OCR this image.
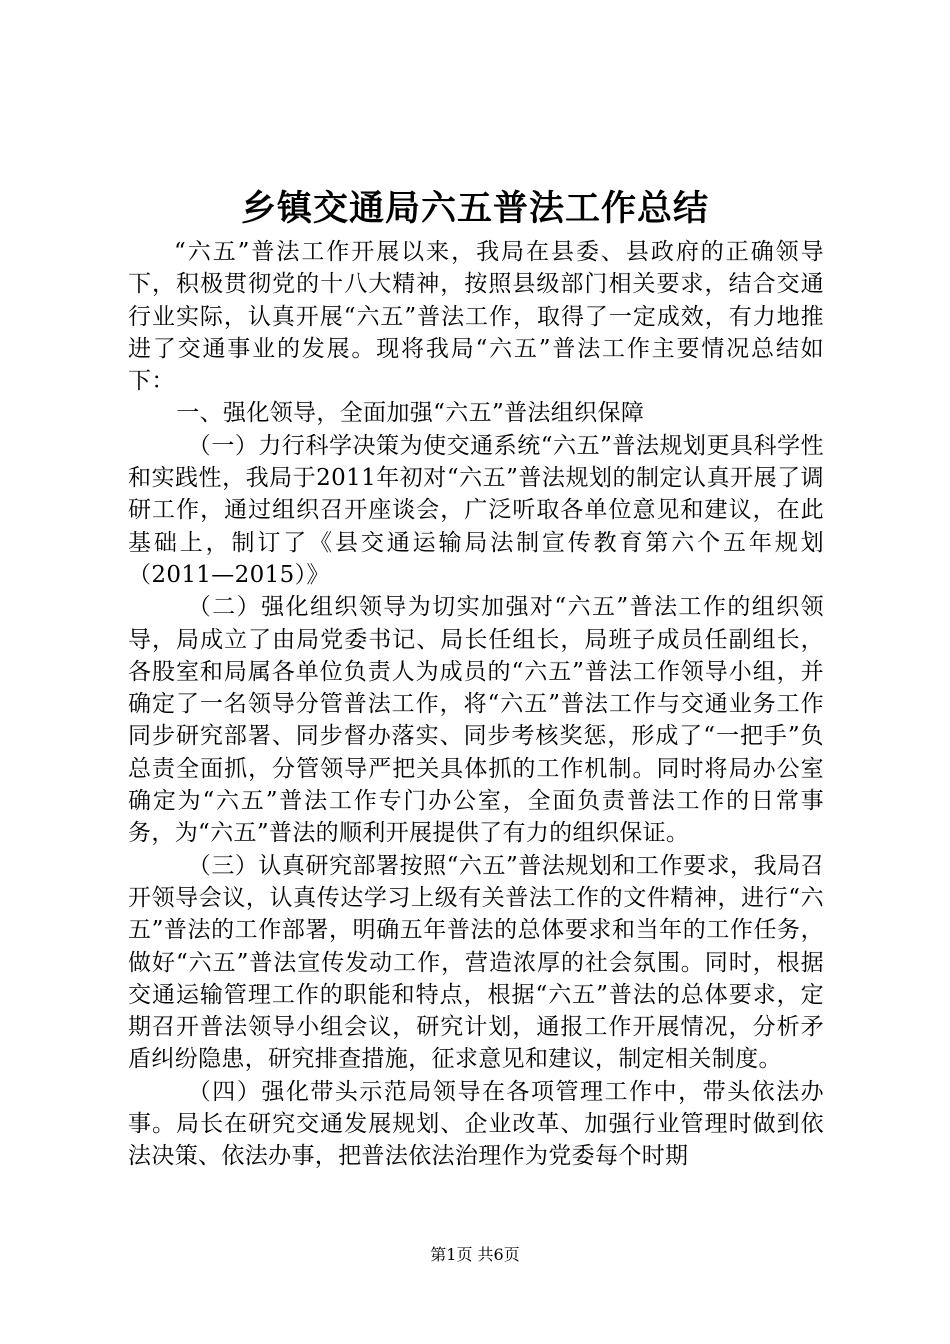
乡镇交通局六五普法工作总结

“六五”普法工作开展以来，我局在县委、县政府的正确领导下，积极贯彻党的十八大精神，按照县级部门相关要求，结合交通行业实际，认真开展“六五”普法工作，取得了一定成效，有力地推进了交通事业的发展。现将我局“六五”普法工作主要情况总结如下：

一、强化领导，全面加强“六五”普法组织保障

（一）力行科学决策为使交通系统“六五”普法规划更具科学性和实践性，我局于2011年初对“六五”普法规划的制定认真开展了调研工作，通过组织召开座谈会，广泛听取各单位意见和建议，在此基础上，制订了《县交通运输局法制宣传教育第六个五年规划（2011—2015）》

（二）强化组织领导为切实加强对“六五”普法工作的组织领导，局成立了由局党委书记、局长任组长，局班子成员任副组长，各股室和局属各单位负责人为成员的“六五”普法工作领导小组，并确定了一名领导分管普法工作，将“六五”普法工作与交通业务工作同步研究部署、同步督办落实、同步考核奖惩，形成了“一把手”负总责全面抓，分管领导严把关具体抓的工作机制。同时将局办公室确定为“六五”普法工作专门办公室，全面负责普法工作的日常事务，为“六五”普法的顺利开展提供了有力的组织保证。

（三）认真研究部署按照“六五”普法规划和工作要求，我局召开领导会议，认真传达学习上级有关普法工作的文件精神，进行“六五”普法的工作部署，明确五年普法的总体要求和当年的工作任务，做好“六五”普法宣传发动工作，营造浓厚的社会氛围。同时，根据交通运输管理工作的职能和特点，根据“六五”普法的总体要求，定期召开普法领导小组会议，研究计划，通报工作开展情况，分析矛盾纠纷隐患，研究排查措施，征求意见和建议，制定相关制度。

（四）强化带头示范局领导在各项管理工作中，带头依法办事。局长在研究交通发展规划、企业改革、加强行业管理时做到依法决策、依法办事，把普法依法治理作为党委每个时期

第1页 共6页
